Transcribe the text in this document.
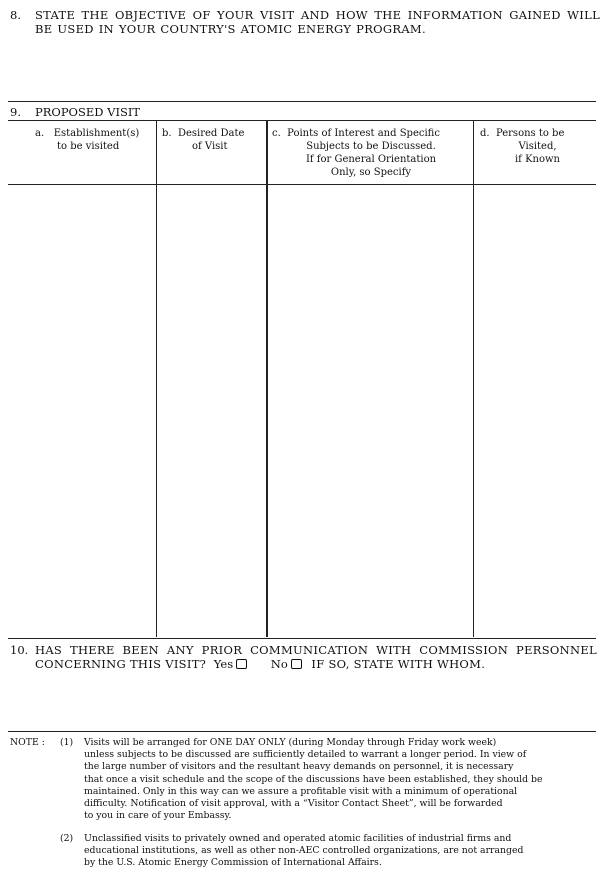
8. STATE THE OBJECTIVE OF YOUR VISIT AND HOW THE INFORMATION GAINED WILL BE USED IN YOUR COUNTRY'S ATOMIC ENERGY PROGRAM.
9. PROPOSED VISIT
a. Establishment(s)
to be visited
b. Desired Date
of Visit
c. Points of Interest and Specific
Subjects to be Discussed.
If for General Orientation
Only, so Specify
d. Persons to be
Visited,
if Known
10. HAS THERE BEEN ANY PRIOR COMMUNICATION WITH COMMISSION PERSONNEL
CONCERNING THIS VISIT? Yes	No IF SO, STATE WITH WHOM.
NOTE : (1) Visits will be arranged for ONE DAY ONLY (during Monday through Friday work week)
unless subjects to be discussed are sufficiently detailed to warrant a longer period. In view of
the large number of visitors and the resultant heavy demands on personnel, it is necessary
that once a visit schedule and the scope of the discussions have been established, they should be
maintained. Only in this way can we assure a profitable visit with a minimum of operational
difficulty. Notification of visit approval, with a “Visitor Contact Sheet”, will be forwarded
to you in care of your Embassy.
(2) Unclassified visits to privately owned and operated atomic facilities of industrial firms and
educational institutions, as well as other non-AEC controlled organizations, are not arranged
by the U.S. Atomic Energy Commission of International Affairs.
